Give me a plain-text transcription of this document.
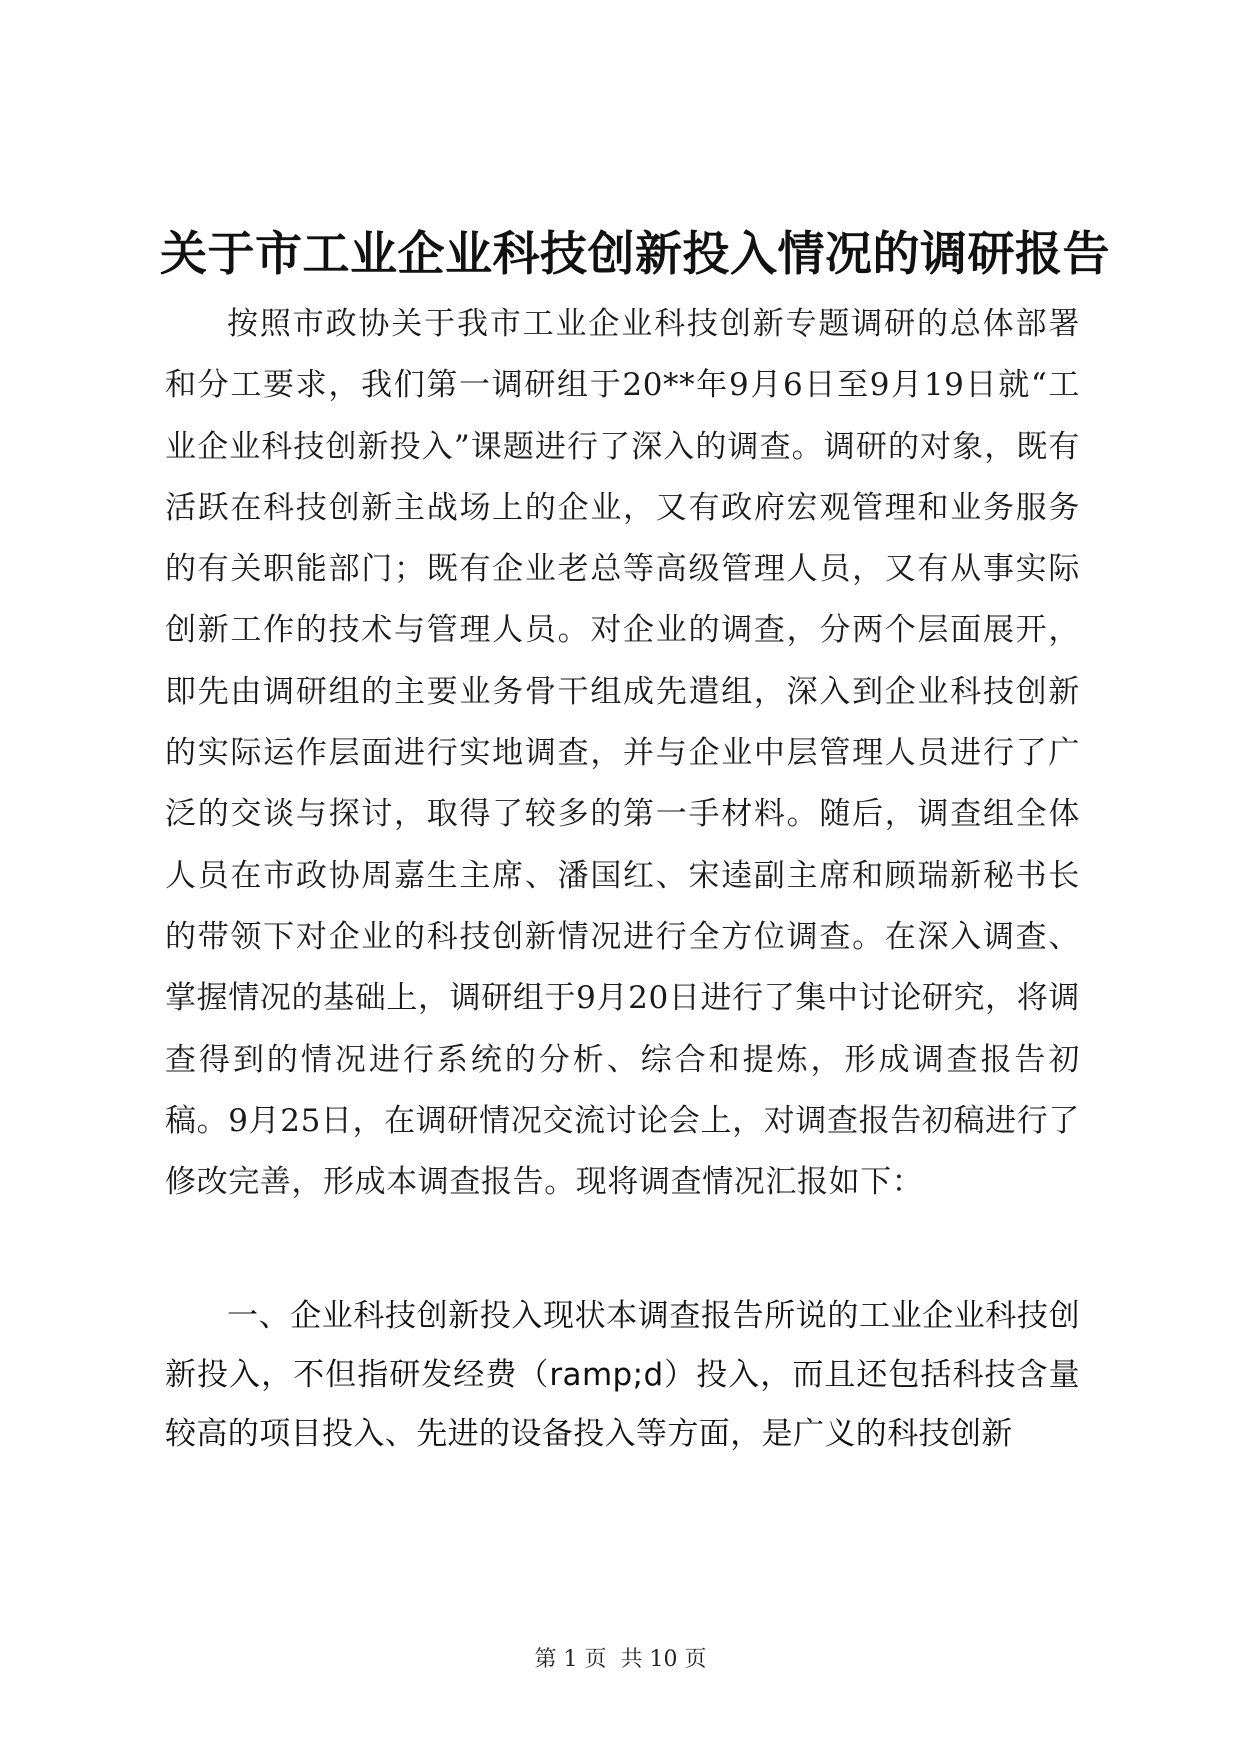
关于市工业企业科技创新投入情况的调研报告

按照市政协关于我市工业企业科技创新专题调研的总体部署和分工要求，我们第一调研组于20**年9月6日至9月19日就“工业企业科技创新投入”课题进行了深入的调查。调研的对象，既有活跃在科技创新主战场上的企业，又有政府宏观管理和业务服务的有关职能部门；既有企业老总等高级管理人员，又有从事实际创新工作的技术与管理人员。对企业的调查，分两个层面展开，即先由调研组的主要业务骨干组成先遣组，深入到企业科技创新的实际运作层面进行实地调查，并与企业中层管理人员进行了广泛的交谈与探讨，取得了较多的第一手材料。随后，调查组全体人员在市政协周嘉生主席、潘国红、宋逵副主席和顾瑞新秘书长的带领下对企业的科技创新情况进行全方位调查。在深入调查、掌握情况的基础上，调研组于9月20日进行了集中讨论研究，将调查得到的情况进行系统的分析、综合和提炼，形成调查报告初稿。9月25日，在调研情况交流讨论会上，对调查报告初稿进行了修改完善，形成本调查报告。现将调查情况汇报如下：

一、企业科技创新投入现状本调查报告所说的工业企业科技创新投入，不但指研发经费（ramp;d）投入，而且还包括科技含量较高的项目投入、先进的设备投入等方面，是广义的科技创新

第 1 页 共 10 页
